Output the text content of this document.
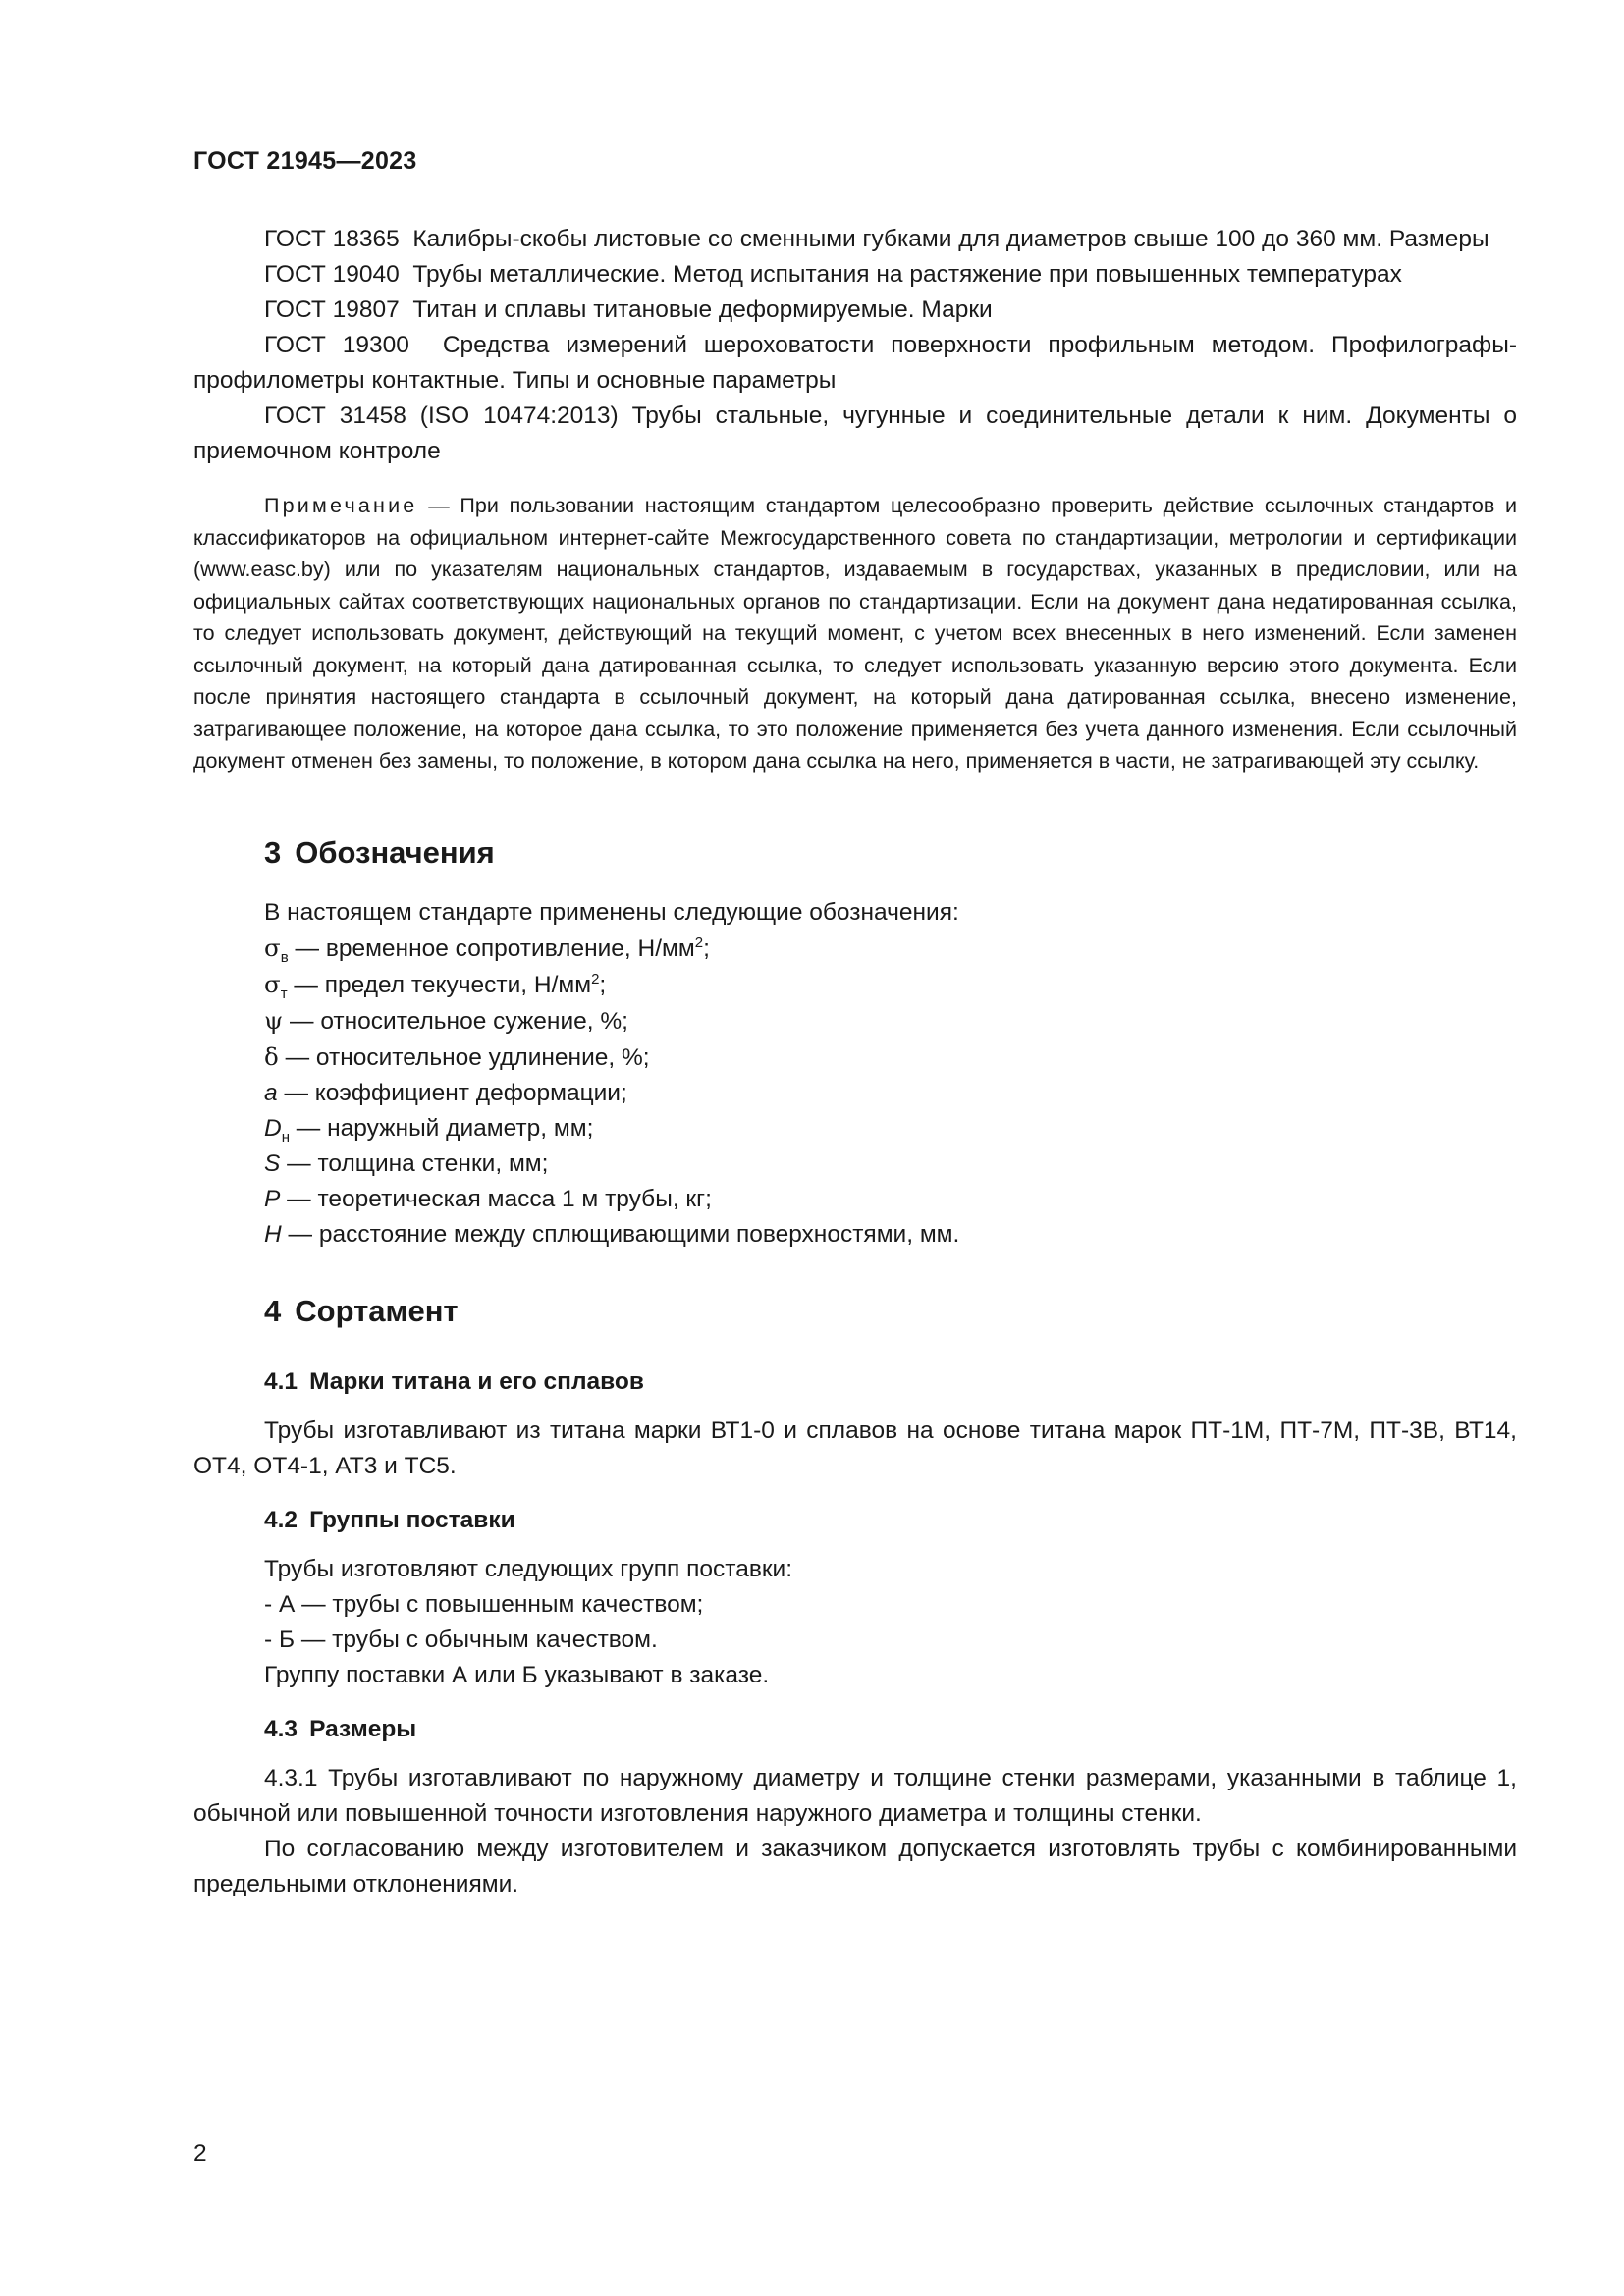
ГОСТ 21945—2023

ГОСТ 18365 Калибры-скобы листовые со сменными губками для диаметров свыше 100 до 360 мм. Размеры

ГОСТ 19040 Трубы металлические. Метод испытания на растяжение при повышенных температурах

ГОСТ 19807 Титан и сплавы титановые деформируемые. Марки

ГОСТ 19300 Средства измерений шероховатости поверхности профильным методом. Профилографы-профилометры контактные. Типы и основные параметры

ГОСТ 31458 (ISO 10474:2013) Трубы стальные, чугунные и соединительные детали к ним. Документы о приемочном контроле

Примечание — При пользовании настоящим стандартом целесообразно проверить действие ссылочных стандартов и классификаторов на официальном интернет-сайте Межгосударственного совета по стандартизации, метрологии и сертификации (www.easc.by) или по указателям национальных стандартов, издаваемым в государствах, указанных в предисловии, или на официальных сайтах соответствующих национальных органов по стандартизации. Если на документ дана недатированная ссылка, то следует использовать документ, действующий на текущий момент, с учетом всех внесенных в него изменений. Если заменен ссылочный документ, на который дана датированная ссылка, то следует использовать указанную версию этого документа. Если после принятия настоящего стандарта в ссылочный документ, на который дана датированная ссылка, внесено изменение, затрагивающее положение, на которое дана ссылка, то это положение применяется без учета данного изменения. Если ссылочный документ отменен без замены, то положение, в котором дана ссылка на него, применяется в части, не затрагивающей эту ссылку.

3 Обозначения

В настоящем стандарте применены следующие обозначения:

$\sigma_в$ — временное сопротивление, $Н/мм^2$;

$\sigma_т$ — предел текучести, $Н/мм^2$;

ψ — относительное сужение, %;

δ — относительное удлинение, %;

a — коэффициент деформации;

$D_н$ — наружный диаметр, мм;

S — толщина стенки, мм;

P — теоретическая масса 1 м трубы, кг;

H — расстояние между сплющивающими поверхностями, мм.

4 Сортамент
4.1 Марки титана и его сплавов

Трубы изготавливают из титана марки ВТ1-0 и сплавов на основе титана марок ПТ-1М, ПТ-7М, ПТ-3В, ВТ14, ОТ4, ОТ4-1, АТ3 и ТС5.

4.2 Группы поставки

Трубы изготовляют следующих групп поставки:

- А — трубы с повышенным качеством;

- Б — трубы с обычным качеством.

Группу поставки А или Б указывают в заказе.

4.3 Размеры

4.3.1 Трубы изготавливают по наружному диаметру и толщине стенки размерами, указанными в таблице 1, обычной или повышенной точности изготовления наружного диаметра и толщины стенки.

По согласованию между изготовителем и заказчиком допускается изготовлять трубы с комбинированными предельными отклонениями.

2
